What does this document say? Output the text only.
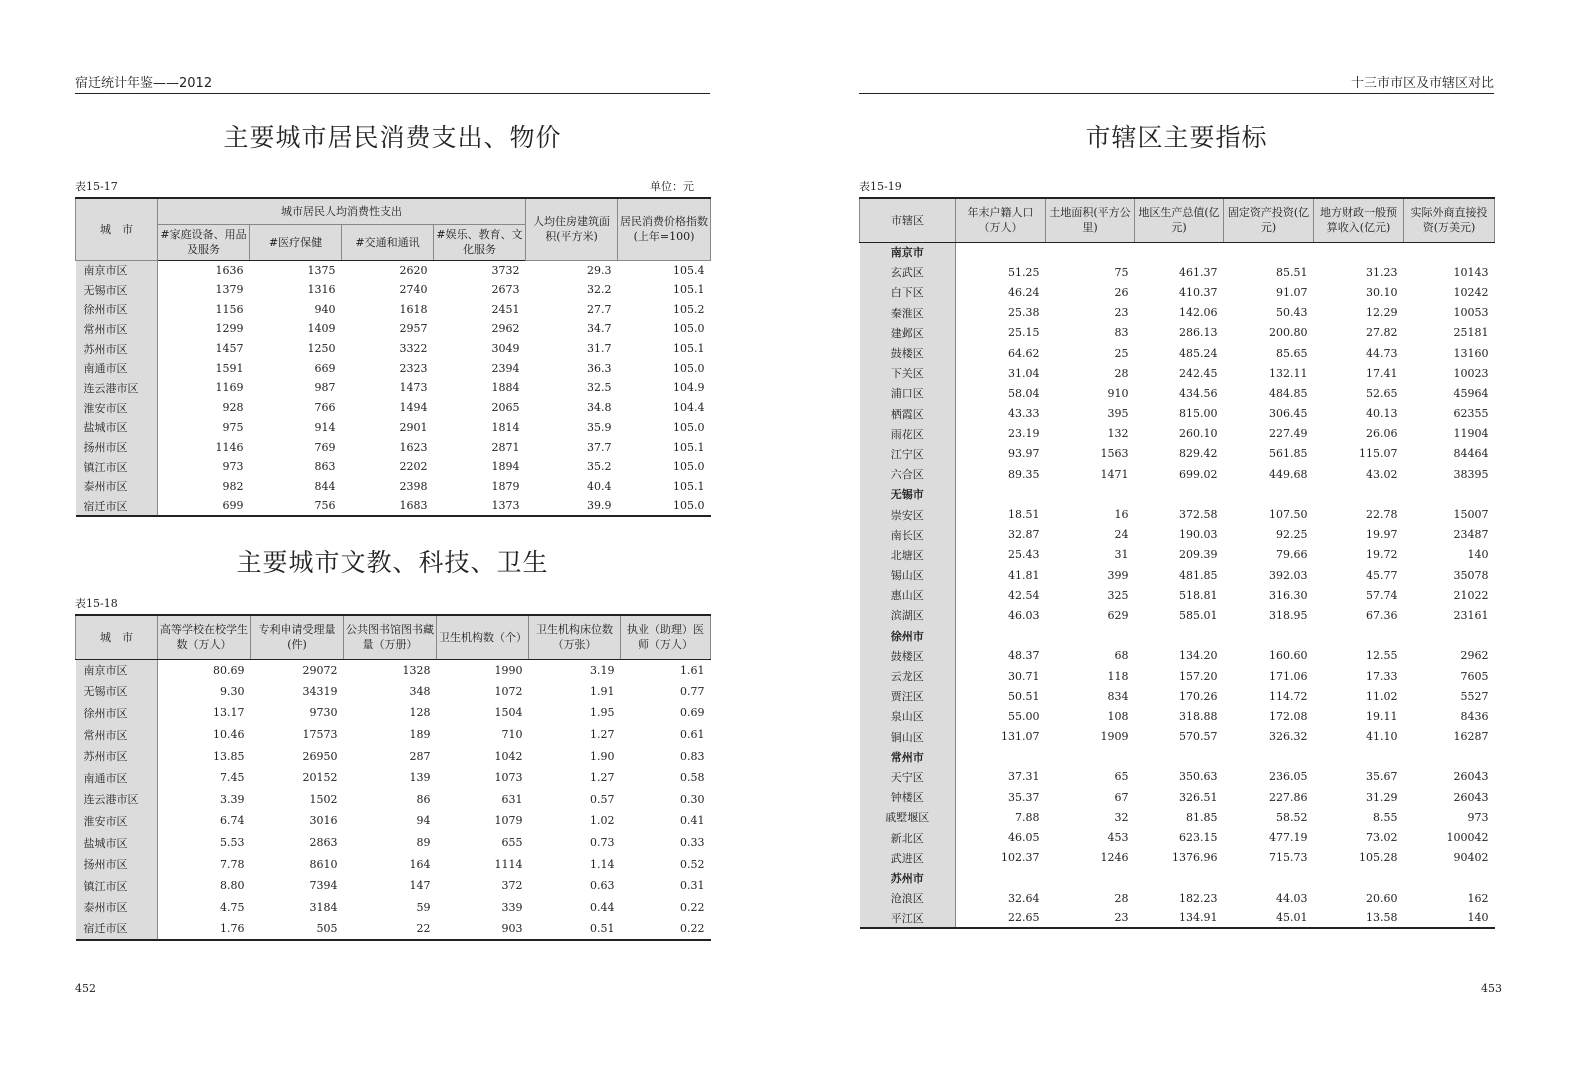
宿迁统计年鉴——2012
主要城市居民消费支出、物价
表15-17	单位：元
城　市	城市居民人均消费性支出				人均住房建筑面积(平方米)	居民消费价格指数(上年=100)
	#家庭设备、用品及服务	#医疗保健	#交通和通讯	#娱乐、教育、文化服务		
南京市区	1636	1375	2620	3732	29.3	105.4
无锡市区	1379	1316	2740	2673	32.2	105.1
徐州市区	1156	940	1618	2451	27.7	105.2
常州市区	1299	1409	2957	2962	34.7	105.0
苏州市区	1457	1250	3322	3049	31.7	105.1
南通市区	1591	669	2323	2394	36.3	105.0
连云港市区	1169	987	1473	1884	32.5	104.9
淮安市区	928	766	1494	2065	34.8	104.4
盐城市区	975	914	2901	1814	35.9	105.0
扬州市区	1146	769	1623	2871	37.7	105.1
镇江市区	973	863	2202	1894	35.2	105.0
泰州市区	982	844	2398	1879	40.4	105.1
宿迁市区	699	756	1683	1373	39.9	105.0
主要城市文教、科技、卫生
表15-18
城　市	高等学校在校学生数（万人）	专利申请受理量(件)	公共图书馆图书藏量（万册）	卫生机构数（个）	卫生机构床位数（万张）	执业（助理）医师（万人）
南京市区	80.69	29072	1328	1990	3.19	1.61
无锡市区	9.30	34319	348	1072	1.91	0.77
徐州市区	13.17	9730	128	1504	1.95	0.69
常州市区	10.46	17573	189	710	1.27	0.61
苏州市区	13.85	26950	287	1042	1.90	0.83
南通市区	7.45	20152	139	1073	1.27	0.58
连云港市区	3.39	1502	86	631	0.57	0.30
淮安市区	6.74	3016	94	1079	1.02	0.41
盐城市区	5.53	2863	89	655	0.73	0.33
扬州市区	7.78	8610	164	1114	1.14	0.52
镇江市区	8.80	7394	147	372	0.63	0.31
泰州市区	4.75	3184	59	339	0.44	0.22
宿迁市区	1.76	505	22	903	0.51	0.22
452
十三市市区及市辖区对比
市辖区主要指标
表15-19
市辖区	年末户籍人口（万人）	土地面积(平方公里)	地区生产总值(亿元)	固定资产投资(亿元)	地方财政一般预算收入(亿元)	实际外商直接投资(万美元)
南京市						
玄武区	51.25	75	461.37	85.51	31.23	10143
白下区	46.24	26	410.37	91.07	30.10	10242
秦淮区	25.38	23	142.06	50.43	12.29	10053
建邺区	25.15	83	286.13	200.80	27.82	25181
鼓楼区	64.62	25	485.24	85.65	44.73	13160
下关区	31.04	28	242.45	132.11	17.41	10023
浦口区	58.04	910	434.56	484.85	52.65	45964
栖霞区	43.33	395	815.00	306.45	40.13	62355
雨花区	23.19	132	260.10	227.49	26.06	11904
江宁区	93.97	1563	829.42	561.85	115.07	84464
六合区	89.35	1471	699.02	449.68	43.02	38395
无锡市						
崇安区	18.51	16	372.58	107.50	22.78	15007
南长区	32.87	24	190.03	92.25	19.97	23487
北塘区	25.43	31	209.39	79.66	19.72	140
锡山区	41.81	399	481.85	392.03	45.77	35078
惠山区	42.54	325	518.81	316.30	57.74	21022
滨湖区	46.03	629	585.01	318.95	67.36	23161
徐州市						
鼓楼区	48.37	68	134.20	160.60	12.55	2962
云龙区	30.71	118	157.20	171.06	17.33	7605
贾汪区	50.51	834	170.26	114.72	11.02	5527
泉山区	55.00	108	318.88	172.08	19.11	8436
铜山区	131.07	1909	570.57	326.32	41.10	16287
常州市						
天宁区	37.31	65	350.63	236.05	35.67	26043
钟楼区	35.37	67	326.51	227.86	31.29	26043
戚墅堰区	7.88	32	81.85	58.52	8.55	973
新北区	46.05	453	623.15	477.19	73.02	100042
武进区	102.37	1246	1376.96	715.73	105.28	90402
苏州市						
沧浪区	32.64	28	182.23	44.03	20.60	162
平江区	22.65	23	134.91	45.01	13.58	140
453
